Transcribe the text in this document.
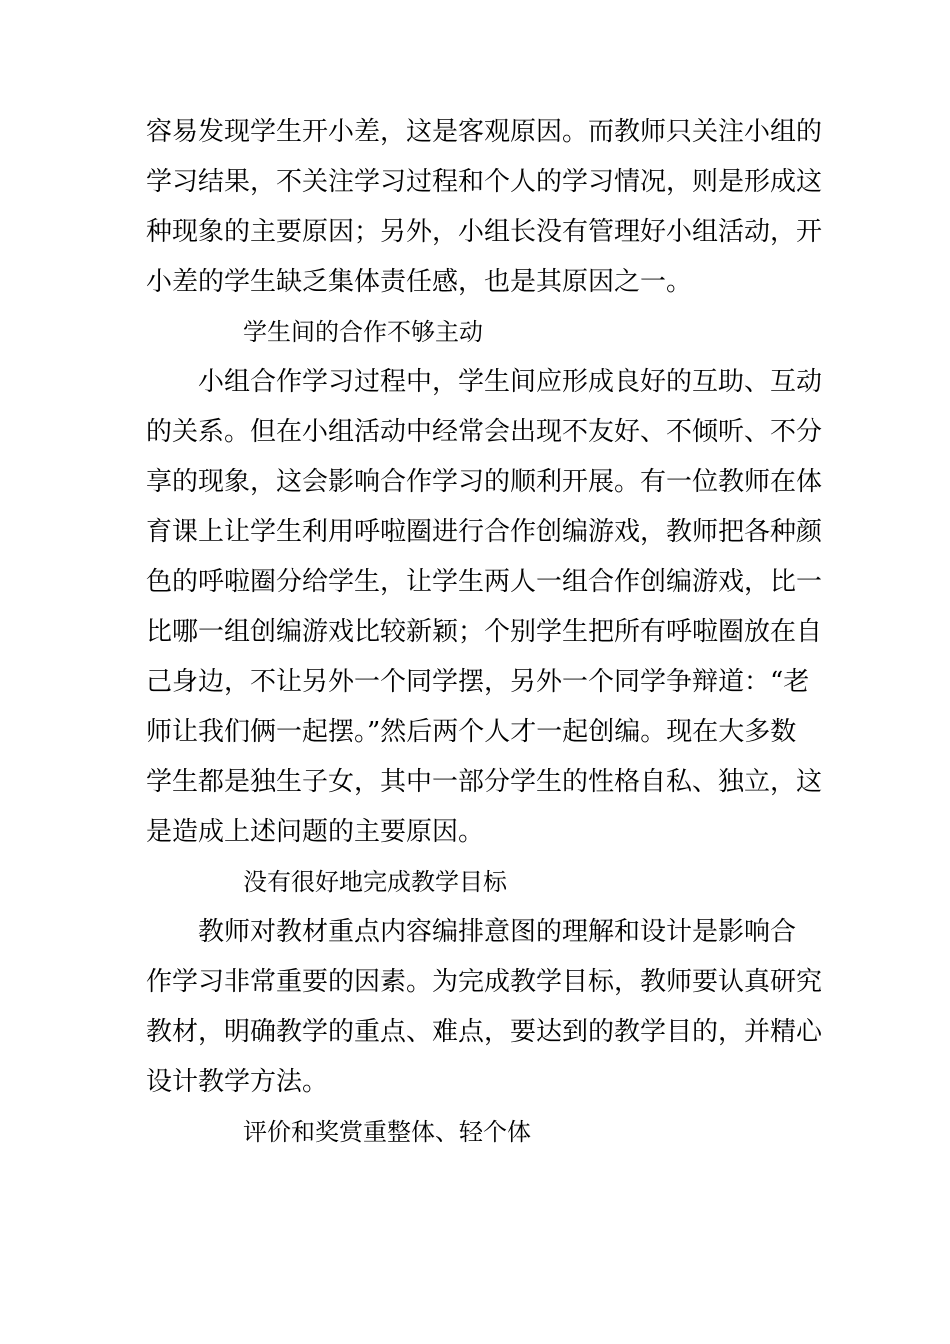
容易发现学生开小差，这是客观原因。而教师只关注小组的
学习结果，不关注学习过程和个人的学习情况，则是形成这
种现象的主要原因；另外，小组长没有管理好小组活动，开
小差的学生缺乏集体责任感，也是其原因之一。
学生间的合作不够主动
小组合作学习过程中，学生间应形成良好的互助、互动
的关系。但在小组活动中经常会出现不友好、不倾听、不分
享的现象，这会影响合作学习的顺利开展。有一位教师在体
育课上让学生利用呼啦圈进行合作创编游戏，教师把各种颜
色的呼啦圈分给学生，让学生两人一组合作创编游戏，比一
比哪一组创编游戏比较新颖；个别学生把所有呼啦圈放在自
己身边，不让另外一个同学摆，另外一个同学争辩道：“老
师让我们俩一起摆。”然后两个人才一起创编。现在大多数
学生都是独生子女，其中一部分学生的性格自私、独立，这
是造成上述问题的主要原因。
没有很好地完成教学目标
教师对教材重点内容编排意图的理解和设计是影响合
作学习非常重要的因素。为完成教学目标，教师要认真研究
教材，明确教学的重点、难点，要达到的教学目的，并精心
设计教学方法。
评价和奖赏重整体、轻个体
